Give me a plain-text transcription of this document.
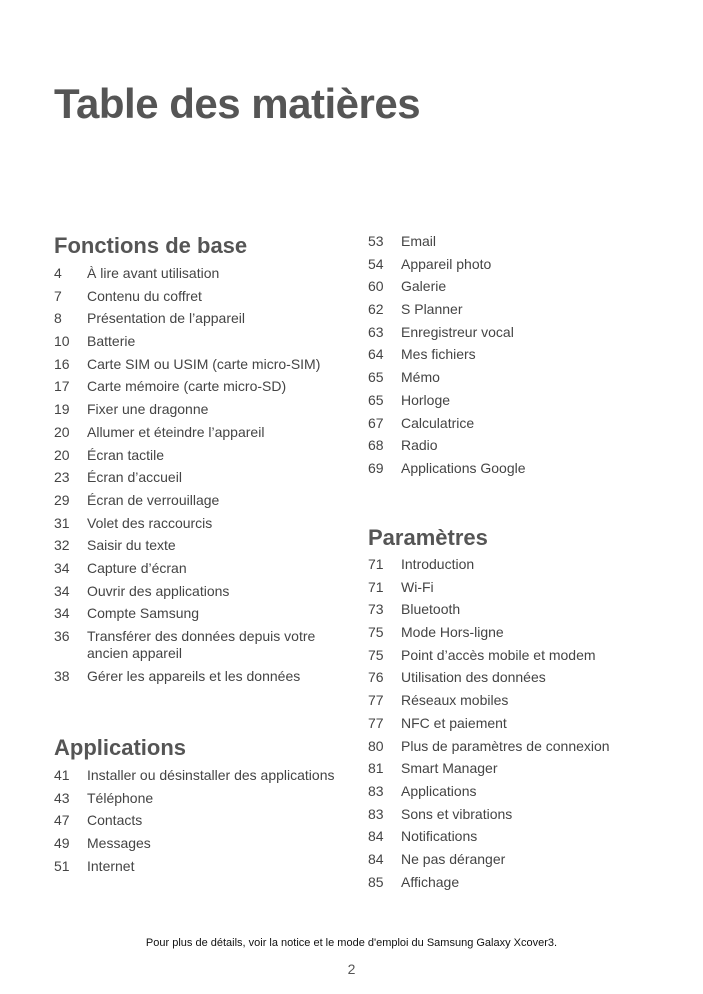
Table des matières
Fonctions de base
4	À lire avant utilisation
7	Contenu du coffret
8	Présentation de l’appareil
10	Batterie
16	Carte SIM ou USIM (carte micro-SIM)
17	Carte mémoire (carte micro-SD)
19	Fixer une dragonne
20	Allumer et éteindre l’appareil
20	Écran tactile
23	Écran d’accueil
29	Écran de verrouillage
31	Volet des raccourcis
32	Saisir du texte
34	Capture d’écran
34	Ouvrir des applications
34	Compte Samsung
36	Transférer des données depuis votre ancien appareil
38	Gérer les appareils et les données
Applications
41	Installer ou désinstaller des applications
43	Téléphone
47	Contacts
49	Messages
51	Internet
53	Email
54	Appareil photo
60	Galerie
62	S Planner
63	Enregistreur vocal
64	Mes fichiers
65	Mémo
65	Horloge
67	Calculatrice
68	Radio
69	Applications Google
Paramètres
71	Introduction
71	Wi-Fi
73	Bluetooth
75	Mode Hors-ligne
75	Point d’accès mobile et modem
76	Utilisation des données
77	Réseaux mobiles
77	NFC et paiement
80	Plus de paramètres de connexion
81	Smart Manager
83	Applications
83	Sons et vibrations
84	Notifications
84	Ne pas déranger
85	Affichage
Pour plus de détails, voir la notice et le mode d'emploi du Samsung Galaxy Xcover3.
2
